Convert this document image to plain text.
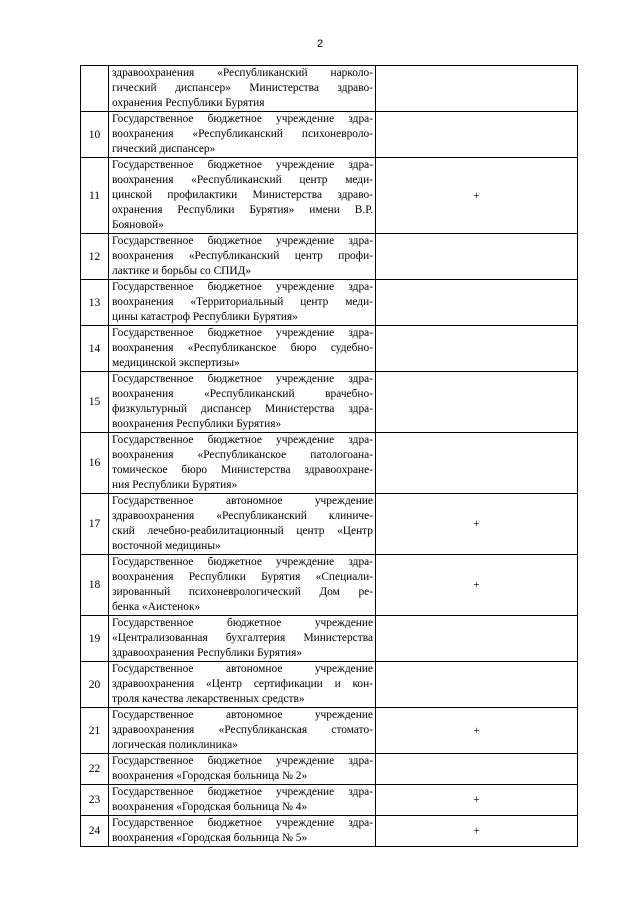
2

	здравоохранения «Республиканский нарколо-
гический диспансер» Министерства здраво-
охранения Республики Бурятия	

10	Государственное бюджетное учреждение здра-
воохранения «Республиканский психоневроло-
гический диспансер»	

11	Государственное бюджетное учреждение здра-
воохранения «Республиканский центр меди-
цинской профилактики Министерства здраво-
охранения Республики Бурятия» имени В.Р.
Бояновой»	+
12	Государственное бюджетное учреждение здра-
воохранения «Республиканский центр профи-
лактике и борьбы со СПИД»	

13	Государственное бюджетное учреждение здра-
воохранения «Территориальный центр меди-
цины катастроф Республики Бурятия»	

14	Государственное бюджетное учреждение здра-
воохранения «Республиканское бюро судебно-
медицинской экспертизы»	

15	Государственное бюджетное учреждение здра-
воохранения «Республиканский врачебно-
физкультурный диспансер Министерства здра-
воохранения Республики Бурятия»	

16	Государственное бюджетное учреждение здра-
воохранения «Республиканское патологоана-
томическое бюро Министерства здравоохране-
ния Республики Бурятия»	

17	Государственное автономное учреждение
здравоохранения «Республиканский клиниче-
ский лечебно-реабилитационный центр «Центр
восточной медицины»	+
18	Государственное бюджетное учреждение здра-
воохранения Республики Бурятия «Специали-
зированный психоневрологический Дом ре-
бенка «Аистенок»	+
19	Государственное бюджетное учреждение
«Централизованная бухгалтерия Министерства
здравоохранения Республики Бурятия»	

20	Государственное автономное учреждение
здравоохранения «Центр сертификации и кон-
троля качества лекарственных средств»	

21	Государственное автономное учреждение
здравоохранения «Республиканская стомато-
логическая поликлиника»	+
22	Государственное бюджетное учреждение здра-
воохранения «Городская больница № 2»	

23	Государственное бюджетное учреждение здра-
воохранения «Городская больница № 4»	+
24	Государственное бюджетное учреждение здра-
воохранения «Городская больница № 5»	+
